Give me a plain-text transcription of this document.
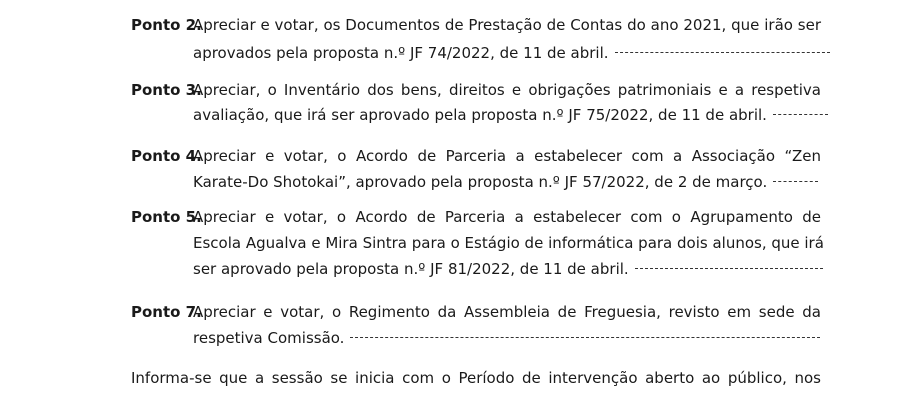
Ponto 2.
Apreciar e votar, os Documentos de Prestação de Contas do ano 2021, que irão ser
aprovados pela proposta n.º JF 74/2022, de 11 de abril.
Ponto 3.
Apreciar, o Inventário dos bens, direitos e obrigações patrimoniais e a respetiva
avaliação, que irá ser aprovado pela proposta n.º JF 75/2022, de 11 de abril.
Ponto 4.
Apreciar e votar, o Acordo de Parceria a estabelecer com a Associação “Zen
Karate-Do Shotokai”, aprovado pela proposta n.º JF 57/2022, de 2 de março.
Ponto 5.
Apreciar e votar, o Acordo de Parceria a estabelecer com o Agrupamento de
Escola Agualva e Mira Sintra para o Estágio de informática para dois alunos, que irá
ser aprovado pela proposta n.º JF 81/2022, de 11 de abril.
Ponto 7.
Apreciar e votar, o Regimento da Assembleia de Freguesia, revisto em sede da
respetiva Comissão.
Informa-se que a sessão se inicia com o Período de intervenção aberto ao público, nos
